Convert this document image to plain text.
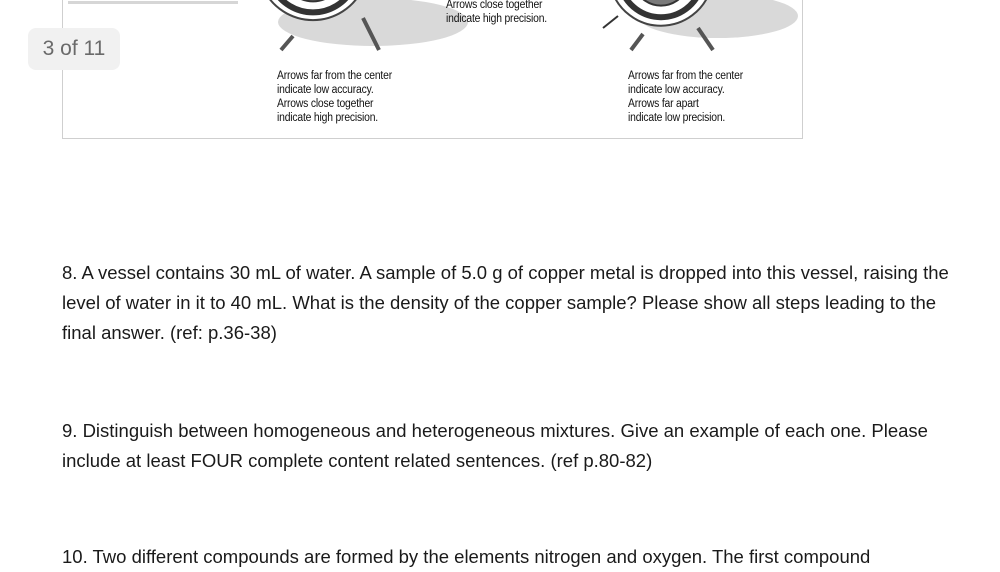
▬▬▬▬▬▬▬▬▬▬▬▬▬▬▬▬▬	Arrows close together
indicate high precision.
Arrows far from the center
indicate low accuracy.
Arrows close together
indicate high precision.
Arrows far from the center
indicate low accuracy.
Arrows far apart
indicate low precision.
3 of 11
8. A vessel contains 30 mL of water. A sample of 5.0 g of copper metal is dropped into this vessel, raising the level of water in it to 40 mL. What is the density of the copper sample? Please show all steps leading to the final answer. (ref: p.36-38)
9. Distinguish between homogeneous and heterogeneous mixtures. Give an example of each one. Please include at least FOUR complete content related sentences. (ref p.80-82)
10. Two different compounds are formed by the elements nitrogen and oxygen. The first compound
